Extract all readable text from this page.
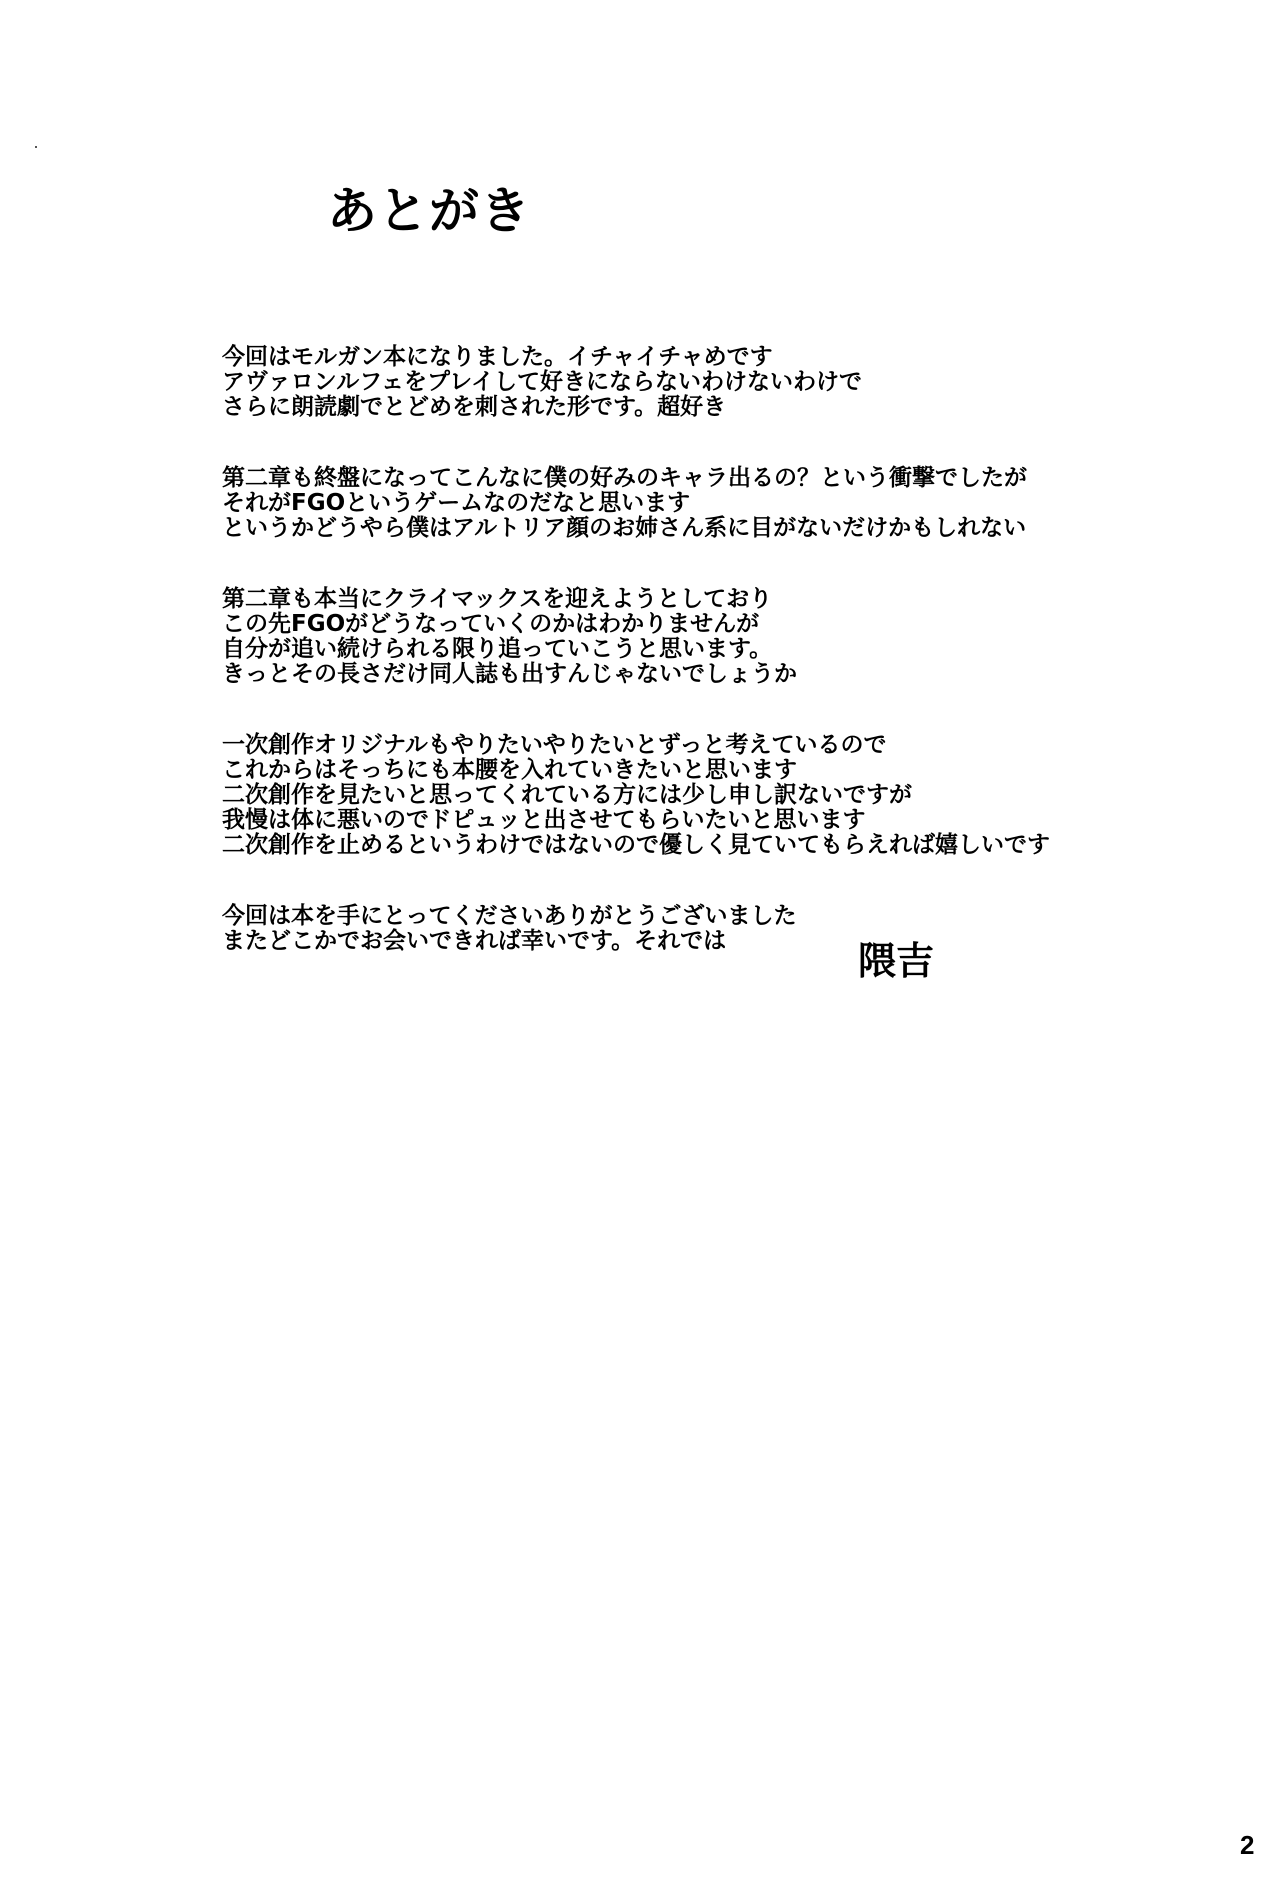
あとがき
今回はモルガン本になりました。イチャイチャめです
アヴァロンルフェをプレイして好きにならないわけないわけで
さらに朗読劇でとどめを刺された形です。超好き
第二章も終盤になってこんなに僕の好みのキャラ出るの？という衝撃でしたが
それがFGOというゲームなのだなと思います
というかどうやら僕はアルトリア顔のお姉さん系に目がないだけかもしれない
第二章も本当にクライマックスを迎えようとしており
この先FGOがどうなっていくのかはわかりませんが
自分が追い続けられる限り追っていこうと思います。
きっとその長さだけ同人誌も出すんじゃないでしょうか
一次創作オリジナルもやりたいやりたいとずっと考えているので
これからはそっちにも本腰を入れていきたいと思います
二次創作を見たいと思ってくれている方には少し申し訳ないですが
我慢は体に悪いのでドピュッと出させてもらいたいと思います
二次創作を止めるというわけではないので優しく見ていてもらえれば嬉しいです
今回は本を手にとってくださいありがとうございました
またどこかでお会いできれば幸いです。それでは	隈吉
2
